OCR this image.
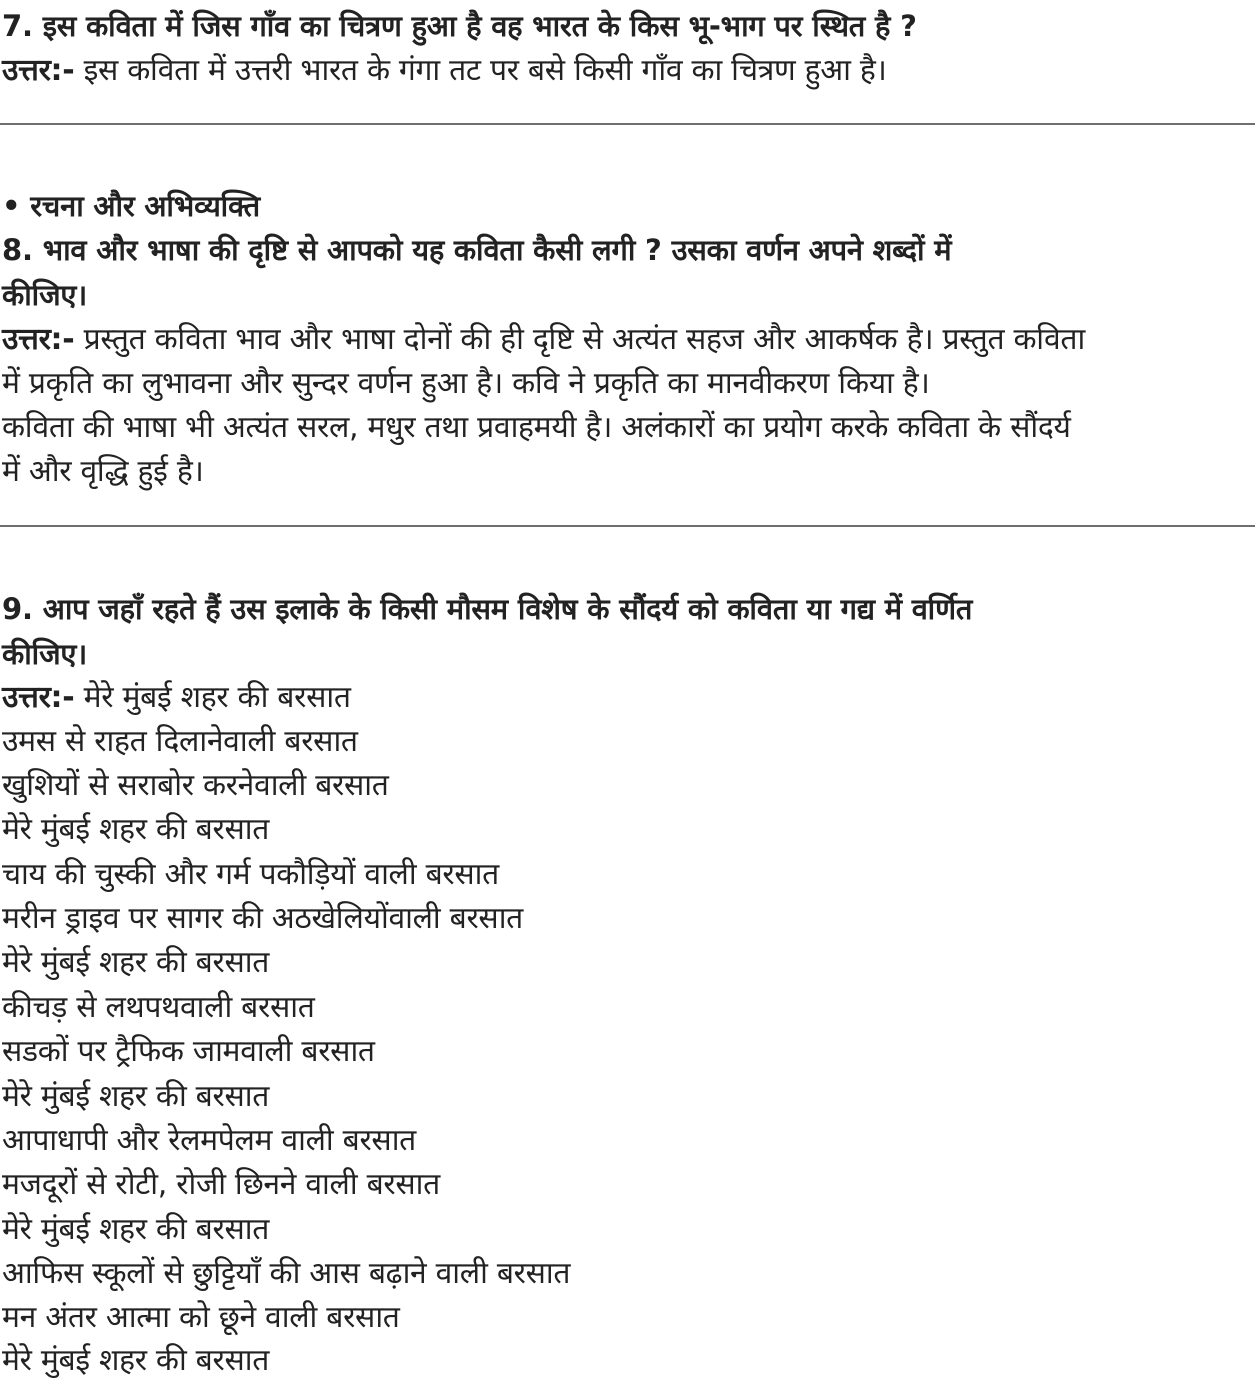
7. इस कविता में जिस गाँव का चित्रण हुआ है वह भारत के किस भू-भाग पर स्थित है ?
उत्तर:- इस कविता में उत्तरी भारत के गंगा तट पर बसे किसी गाँव का चित्रण हुआ है।
• रचना और अभिव्यक्ति
8. भाव और भाषा की दृष्टि से आपको यह कविता कैसी लगी ? उसका वर्णन अपने शब्दों में
कीजिए।
उत्तर:- प्रस्तुत कविता भाव और भाषा दोनों की ही दृष्टि से अत्यंत सहज और आकर्षक है। प्रस्तुत कविता
में प्रकृति का लुभावना और सुन्दर वर्णन हुआ है। कवि ने प्रकृति का मानवीकरण किया है।
कविता की भाषा भी अत्यंत सरल, मधुर तथा प्रवाहमयी है। अलंकारों का प्रयोग करके कविता के सौंदर्य
में और वृद्धि हुई है।
9. आप जहाँ रहते हैं उस इलाके के किसी मौसम विशेष के सौंदर्य को कविता या गद्य में वर्णित
कीजिए।
उत्तर:- मेरे मुंबई शहर की बरसात
उमस से राहत दिलानेवाली बरसात
खुशियों से सराबोर करनेवाली बरसात
मेरे मुंबई शहर की बरसात
चाय की चुस्की और गर्म पकौड़ियों वाली बरसात
मरीन ड्राइव पर सागर की अठखेलियोंवाली बरसात
मेरे मुंबई शहर की बरसात
कीचड़ से लथपथवाली बरसात
सडकों पर ट्रैफिक जामवाली बरसात
मेरे मुंबई शहर की बरसात
आपाधापी और रेलमपेलम वाली बरसात
मजदूरों से रोटी, रोजी छिनने वाली बरसात
मेरे मुंबई शहर की बरसात
आफिस स्कूलों से छुट्टियाँ की आस बढ़ाने वाली बरसात
मन अंतर आत्मा को छूने वाली बरसात
मेरे मुंबई शहर की बरसात
